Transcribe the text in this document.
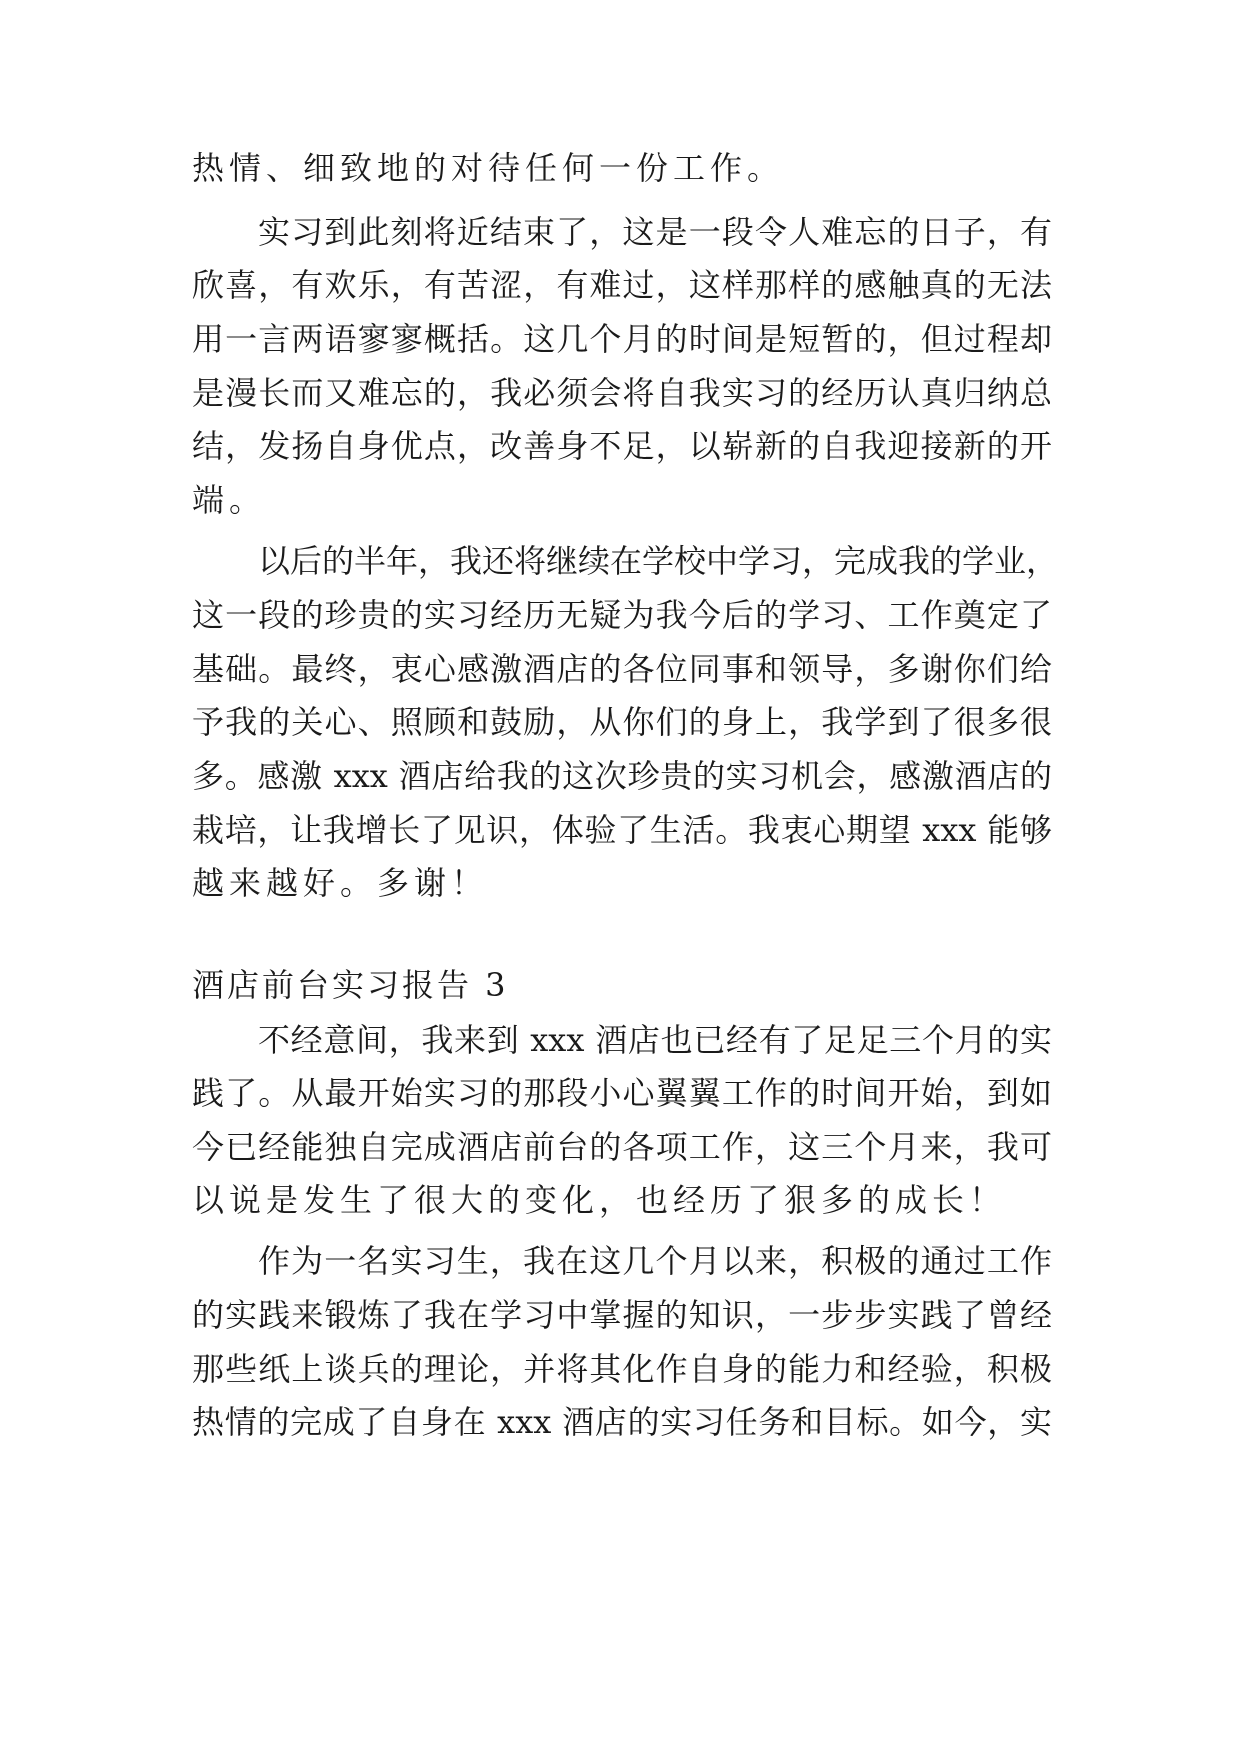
热情、细致地的对待任何一份工作。
实习到此刻将近结束了，这是一段令人难忘的日子，有
欣喜，有欢乐，有苦涩，有难过，这样那样的感触真的无法
用一言两语寥寥概括。这几个月的时间是短暂的，但过程却
是漫长而又难忘的，我必须会将自我实习的经历认真归纳总
结，发扬自身优点，改善身不足，以崭新的自我迎接新的开
端。
以后的半年，我还将继续在学校中学习，完成我的学业，
这一段的珍贵的实习经历无疑为我今后的学习、工作奠定了
基础。最终，衷心感激酒店的各位同事和领导，多谢你们给
予我的关心、照顾和鼓励，从你们的身上，我学到了很多很
多。感激 xxx 酒店给我的这次珍贵的实习机会，感激酒店的
栽培，让我增长了见识，体验了生活。我衷心期望 xxx 能够
越来越好。多谢！
酒店前台实习报告 3
不经意间，我来到 xxx 酒店也已经有了足足三个月的实
践了。从最开始实习的那段小心翼翼工作的时间开始，到如
今已经能独自完成酒店前台的各项工作，这三个月来，我可
以说是发生了很大的变化，也经历了狠多的成长！
作为一名实习生，我在这几个月以来，积极的通过工作
的实践来锻炼了我在学习中掌握的知识，一步步实践了曾经
那些纸上谈兵的理论，并将其化作自身的能力和经验，积极
热情的完成了自身在 xxx 酒店的实习任务和目标。如今，实
